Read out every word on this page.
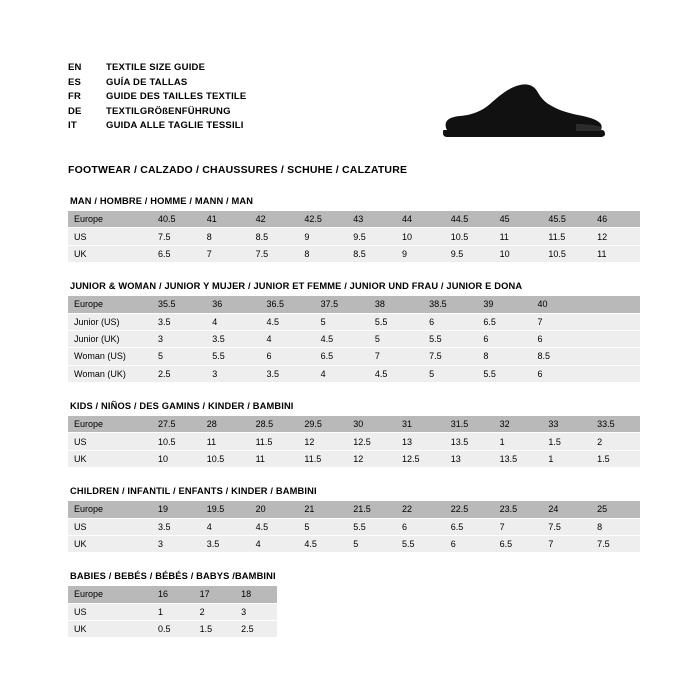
EN	TEXTILE SIZE GUIDE
ES	GUÍA DE TALLAS
FR	GUIDE DES TAILLES TEXTILE
DE	TEXTILGRÖßENFÜHRUNG
IT	GUIDA ALLE TAGLIE TESSILI
FOOTWEAR / CALZADO / CHAUSSURES / SCHUHE / CALZATURE
MAN / HOMBRE / HOMME / MANN / MAN
Europe	40.5	41	42	42.5	43	44	44.5	45	45.5	46
US	7.5	8	8.5	9	9.5	10	10.5	11	11.5	12
UK	6.5	7	7.5	8	8.5	9	9.5	10	10.5	11
JUNIOR & WOMAN / JUNIOR Y MUJER / JUNIOR ET FEMME / JUNIOR UND FRAU / JUNIOR E DONA
Europe	35.5	36	36.5	37.5	38	38.5	39	40	
Junior (US)	3.5	4	4.5	5	5.5	6	6.5	7	
Junior (UK)	3	3.5	4	4.5	5	5.5	6	6	
Woman (US)	5	5.5	6	6.5	7	7.5	8	8.5	
Woman (UK)	2.5	3	3.5	4	4.5	5	5.5	6	
KIDS / NIÑOS / DES GAMINS / KINDER / BAMBINI
Europe	27.5	28	28.5	29.5	30	31	31.5	32	33	33.5
US	10.5	11	11.5	12	12.5	13	13.5	1	1.5	2
UK	10	10.5	11	11.5	12	12.5	13	13.5	1	1.5
CHILDREN / INFANTIL / ENFANTS / KINDER / BAMBINI
Europe	19	19.5	20	21	21.5	22	22.5	23.5	24	25
US	3.5	4	4.5	5	5.5	6	6.5	7	7.5	8
UK	3	3.5	4	4.5	5	5.5	6	6.5	7	7.5
BABIES / BEBÉS / BÉBÉS / BABYS /BAMBINI
Europe	16	17	18
US	1	2	3
UK	0.5	1.5	2.5
